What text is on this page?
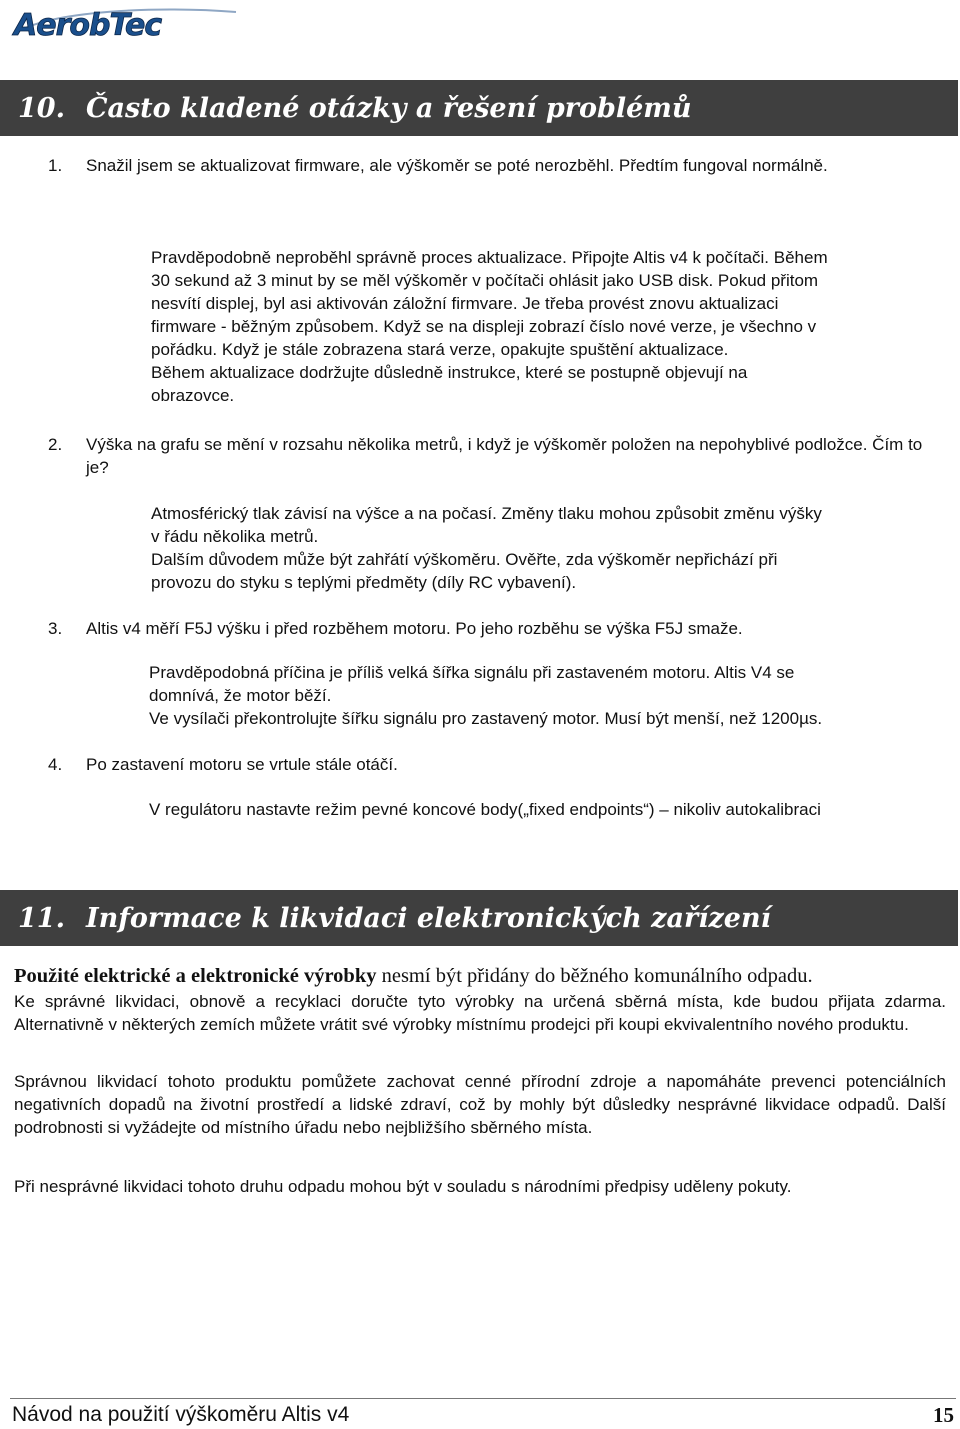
AerobTec
10. Často kladené otázky a řešení problémů
1. Snažil jsem se aktualizovat firmware, ale výškoměr se poté nerozběhl. Předtím fungoval normálně.

Pravděpodobně neproběhl správně proces aktualizace. Připojte Altis v4 k počítači. Během
30 sekund až 3 minut by se měl výškoměr v počítači ohlásit jako USB disk. Pokud přitom
nesvítí displej, byl asi aktivován záložní firmvare. Je třeba provést znovu aktualizaci
firmware - běžným způsobem. Když se na displeji zobrazí číslo nové verze, je všechno v
pořádku. Když je stále zobrazena stará verze, opakujte spuštění aktualizace.
Během aktualizace dodržujte důsledně instrukce, které se postupně objevují na
obrazovce.
2. Výška na grafu se mění v rozsahu několika metrů, i když je výškoměr položen na nepohyblivé podložce. Čím to je?

Atmosférický tlak závisí na výšce a na počasí. Změny tlaku mohou způsobit změnu výšky
v řádu několika metrů.
Dalším důvodem může být zahřátí výškoměru. Ověřte, zda výškoměr nepřichází při
provozu do styku s teplými předměty (díly RC vybavení).
3. Altis v4 měří F5J výšku i před rozběhem motoru. Po jeho rozběhu se výška F5J smaže.

Pravděpodobná příčina je příliš velká šířka signálu při zastaveném motoru. Altis V4 se
domnívá, že motor běží.
Ve vysílači překontrolujte šířku signálu pro zastavený motor. Musí být menší, než 1200µs.
4. Po zastavení motoru se vrtule stále otáčí.

V regulátoru nastavte režim pevné koncové body(„fixed endpoints“) – nikoliv autokalibraci
11. Informace k likvidaci elektronických zařízení

Použité elektrické a elektronické výrobky nesmí být přidány do běžného komunálního odpadu.

Ke správné likvidaci, obnově a recyklaci doručte tyto výrobky na určená sběrná místa, kde budou přijata zdarma. Alternativně v některých zemích můžete vrátit své výrobky místnímu prodejci při koupi ekvivalentního nového produktu.

Správnou likvidací tohoto produktu pomůžete zachovat cenné přírodní zdroje a napomáháte prevenci potenciálních negativních dopadů na životní prostředí a lidské zdraví, což by mohly být důsledky nesprávné likvidace odpadů. Další podrobnosti si vyžádejte od místního úřadu nebo nejbližšího sběrného místa.

Při nesprávné likvidaci tohoto druhu odpadu mohou být v souladu s národními předpisy uděleny pokuty.

Návod na použití výškoměru Altis v4	15
